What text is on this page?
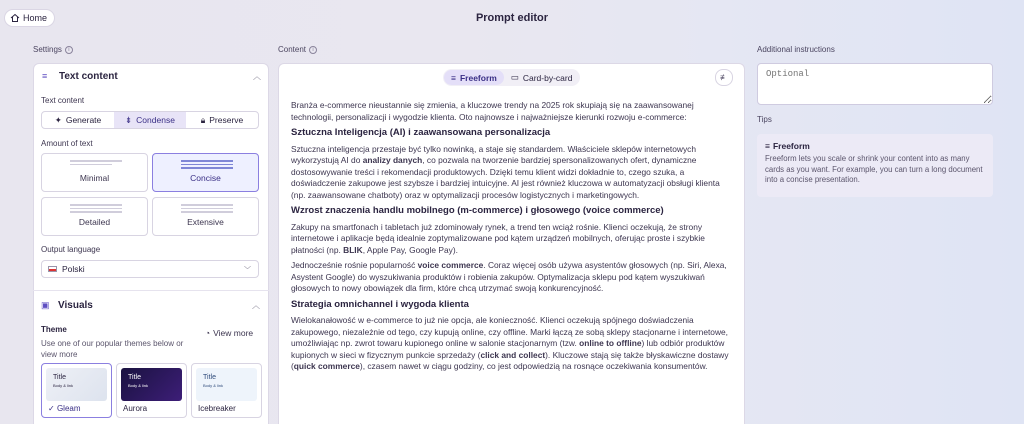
Home	Prompt editor
Settings	i	Content	i
≡	Text content	︿
Text content
✦ Generate	⇟ Condense	🔒︎ Preserve
Amount of text
Minimal	Concise
Detailed	Extensive
Output language
Polski	﹀
▣ Visuals	︿
Theme	◔ View more
Use one of our popular themes below or view more
Title
Body & link
✓ Gleam
Title
Body & link
Aurora
Title
Body & link
Icebreaker
≡ Freeform ▭ Card-by-card	≢

Branża e-commerce nieustannie się zmienia, a kluczowe trendy na 2025 rok skupiają się na zaawansowanej technologii, personalizacji i wygodzie klienta. Oto najnowsze i najważniejsze kierunki rozwoju e-commerce:

Sztuczna Inteligencja (AI) i zaawansowana personalizacja

Sztuczna inteligencja przestaje być tylko nowinką, a staje się standardem. Właściciele sklepów internetowych wykorzystują AI do analizy danych, co pozwala na tworzenie bardziej spersonalizowanych ofert, dynamiczne dostosowywanie treści i rekomendacji produktowych. Dzięki temu klient widzi dokładnie to, czego szuka, a doświadczenie zakupowe jest szybsze i bardziej intuicyjne. AI jest również kluczowa w automatyzacji obsługi klienta (np. zaawansowane chatboty) oraz w optymalizacji procesów logistycznych i marketingowych.

Wzrost znaczenia handlu mobilnego (m-commerce) i głosowego (voice commerce)

Zakupy na smartfonach i tabletach już zdominowały rynek, a trend ten wciąż rośnie. Klienci oczekują, że strony internetowe i aplikacje będą idealnie zoptymalizowane pod kątem urządzeń mobilnych, oferując proste i szybkie płatności (np. BLIK, Apple Pay, Google Pay).

Jednocześnie rośnie popularność voice commerce. Coraz więcej osób używa asystentów głosowych (np. Siri, Alexa, Asystent Google) do wyszukiwania produktów i robienia zakupów. Optymalizacja sklepu pod kątem wyszukiwań głosowych to nowy obowiązek dla firm, które chcą utrzymać swoją konkurencyjność.

Strategia omnichannel i wygoda klienta

Wielokanałowość w e-commerce to już nie opcja, ale konieczność. Klienci oczekują spójnego doświadczenia zakupowego, niezależnie od tego, czy kupują online, czy offline. Marki łączą ze sobą sklepy stacjonarne i internetowe, umożliwiając np. zwrot towaru kupionego online w salonie stacjonarnym (tzw. online to offline) lub odbiór produktów kupionych w sieci w fizycznym punkcie sprzedaży (click and collect). Kluczowe stają się także błyskawiczne dostawy (quick commerce), czasem nawet w ciągu godziny, co jest odpowiedzią na rosnące oczekiwania konsumentów.

Additional instructions
Optional
Tips
≡ Freeform
Freeform lets you scale or shrink your content into as many cards as you want. For example, you can turn a long document into a concise presentation.
